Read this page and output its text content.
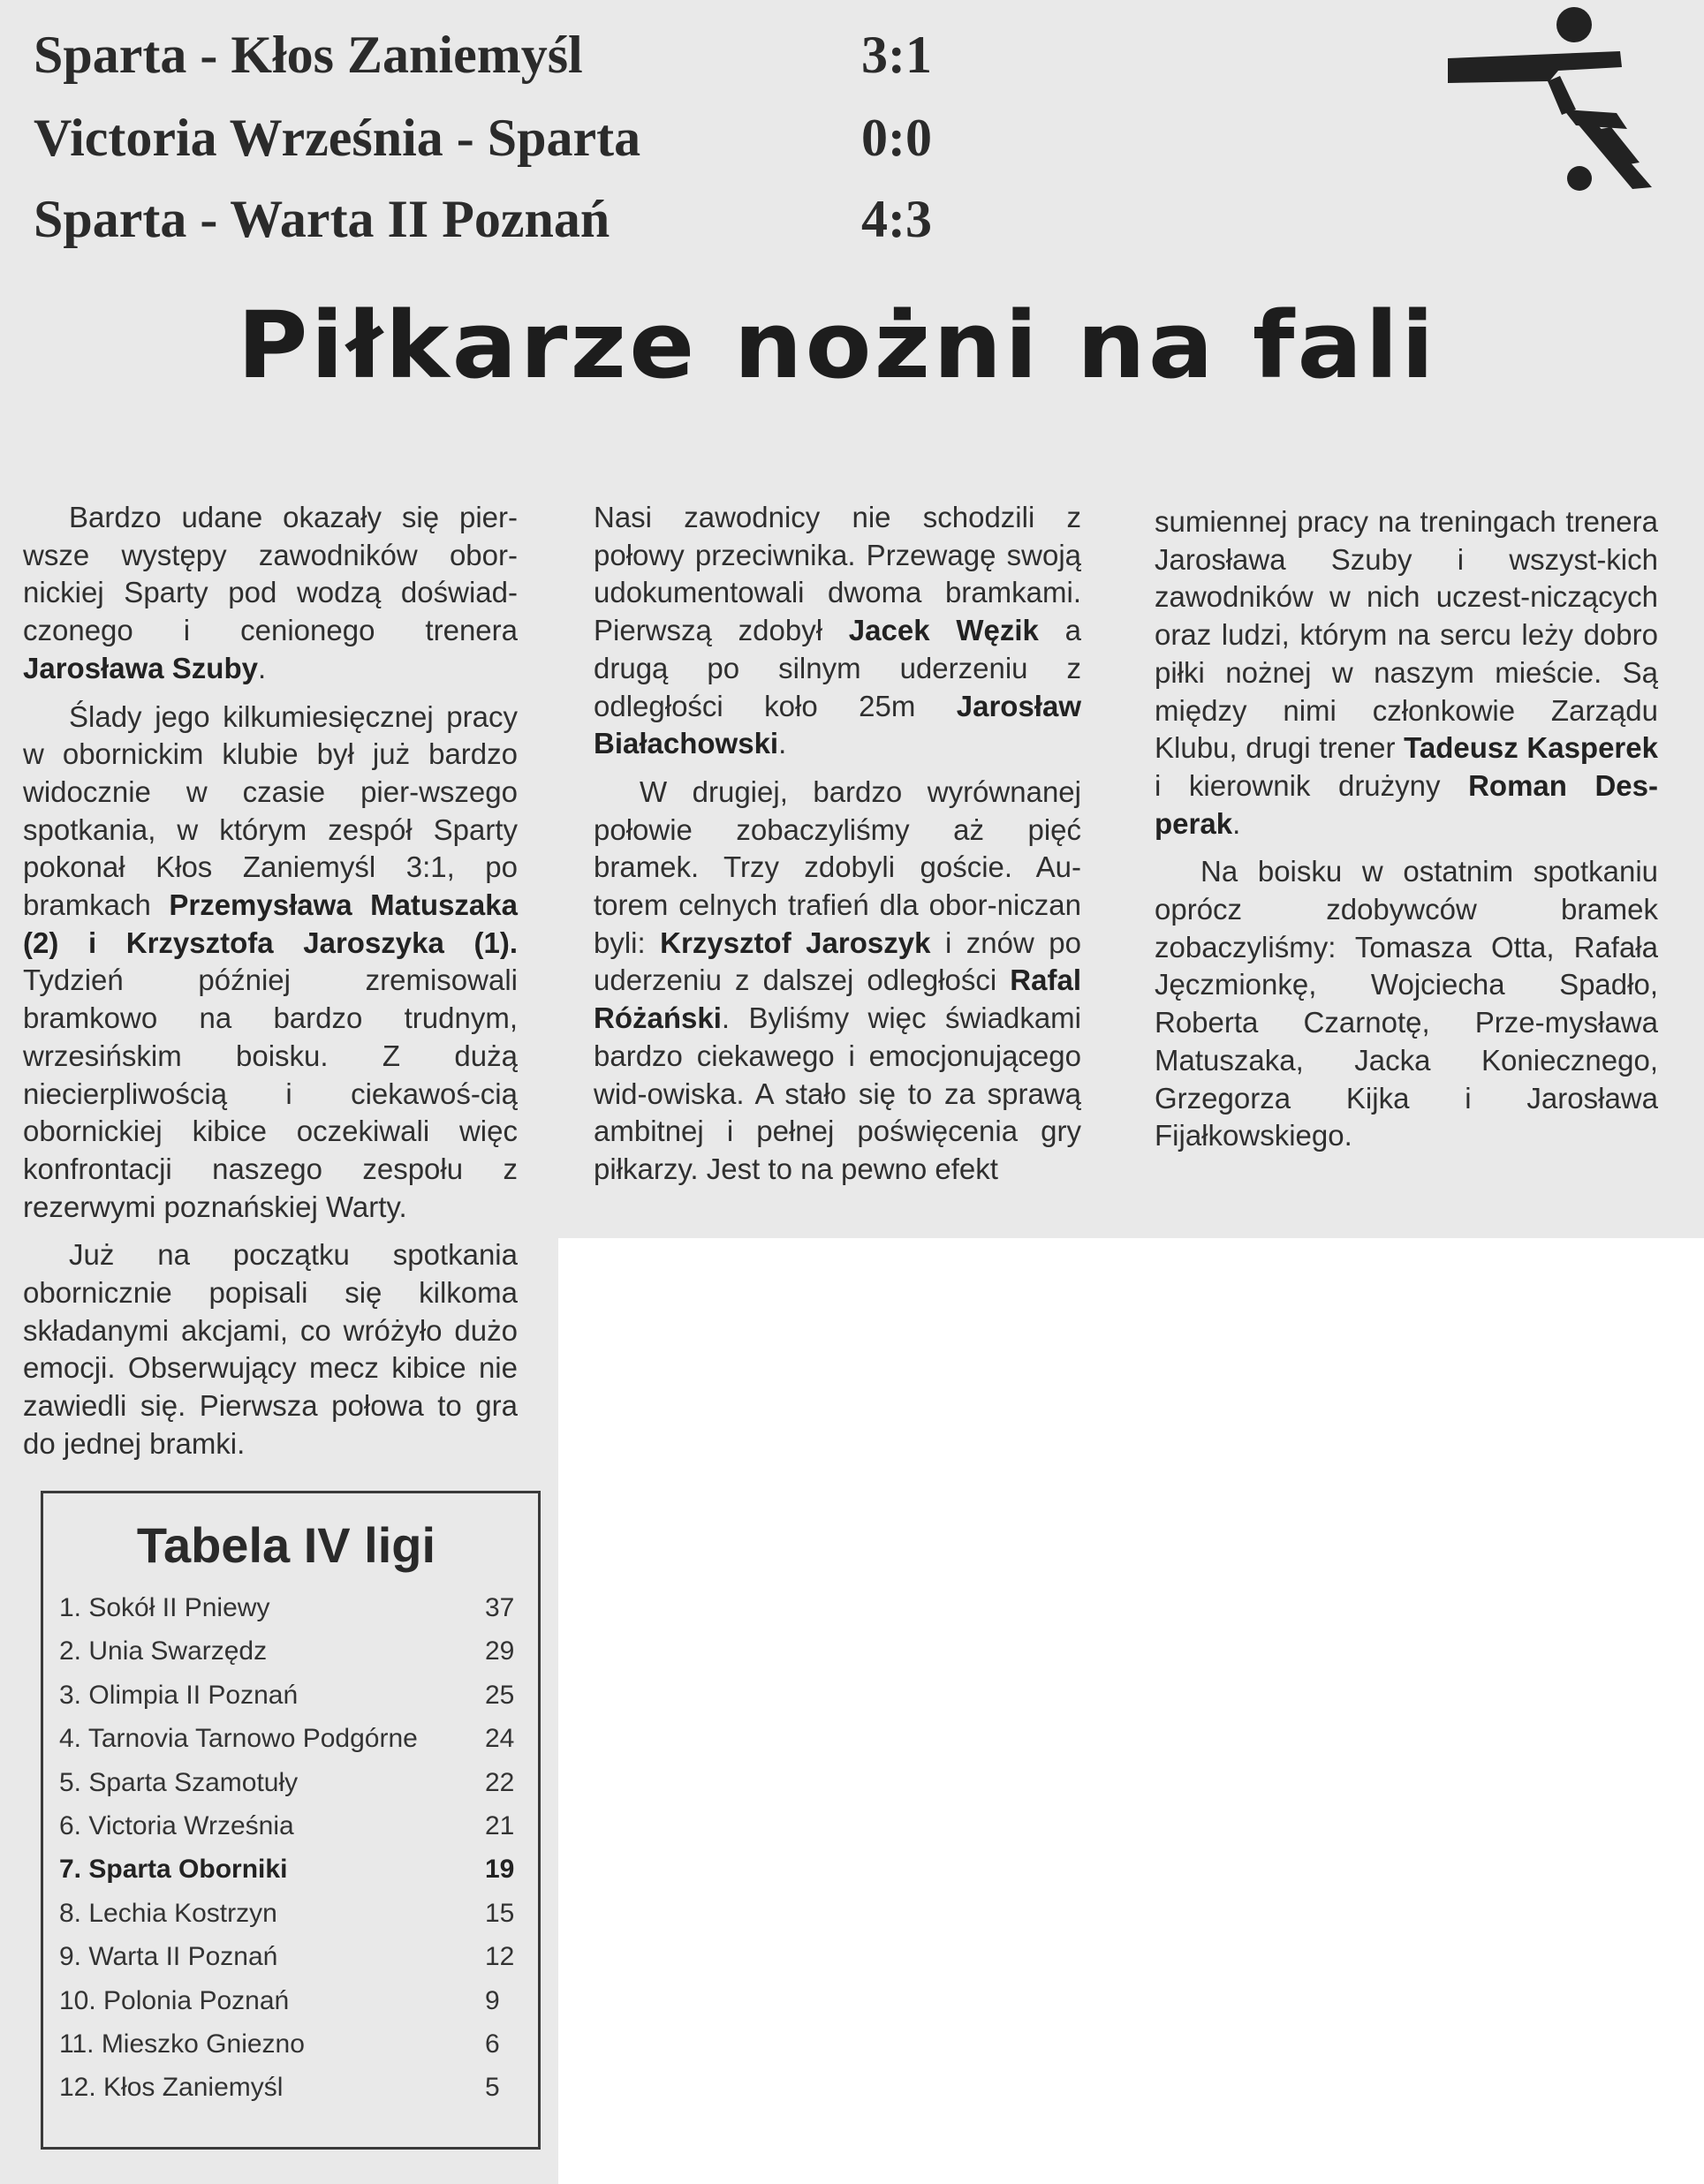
Sparta - Kłos Zaniemyśl	3:1
Victoria Września - Sparta	0:0
Sparta - Warta II Poznań	4:3
Piłkarze nożni na fali

Bardzo udane okazały się pier-wsze występy zawodników obor-nickiej Sparty pod wodzą doświad-czonego i cenionego trenera Jarosława Szuby.

Ślady jego kilkumiesięcznej pracy w obornickim klubie był już bardzo widocznie w czasie pier-wszego spotkania, w którym zespół Sparty pokonał Kłos Zaniemyśl 3:1, po bramkach Przemysława Matuszaka (2) i Krzysztofa Jaroszyka (1). Tydzień później zremisowali bramkowo na bardzo trudnym, wrzesińskim boisku. Z dużą niecierpliwością i ciekawoś-cią obornickiej kibice oczekiwali więc konfrontacji naszego zespołu z rezerwymi poznańskiej Warty.

Już na początku spotkania obornicznie popisali się kilkoma składanymi akcjami, co wróżyło dużo emocji. Obserwujący mecz kibice nie zawiedli się. Pierwsza połowa to gra do jednej bramki.

Nasi zawodnicy nie schodzili z połowy przeciwnika. Przewagę swoją udokumentowali dwoma bramkami. Pierwszą zdobył Jacek Węzik a drugą po silnym uderzeniu z odległości koło 25m Jarosław Białachowski.

W drugiej, bardzo wyrównanej połowie zobaczyliśmy aż pięć bramek. Trzy zdobyli goście. Au-torem celnych trafień dla obor-niczan byli: Krzysztof Jaroszyk i znów po uderzeniu z dalszej odległości Rafal Różański. Byliśmy więc świadkami bardzo ciekawego i emocjonującego wid-owiska. A stało się to za sprawą ambitnej i pełnej poświęcenia gry piłkarzy. Jest to na pewno efekt

sumiennej pracy na treningach trenera Jarosława Szuby i wszyst-kich zawodników w nich uczest-niczących oraz ludzi, którym na sercu leży dobro piłki nożnej w naszym mieście. Są między nimi członkowie Zarządu Klubu, drugi trener Tadeusz Kasperek i kierownik drużyny Roman Des-perak.

Na boisku w ostatnim spotkaniu oprócz zdobywców bramek zobaczyliśmy: Tomasza Otta, Rafała Jęczmionkę, Wojciecha Spadło, Roberta Czarnotę, Prze-mysława Matuszaka, Jacka Koniecznego, Grzegorza Kijka i Jarosława Fijałkowskiego.

Tabela IV ligi
1. Sokół II Pniewy	37
2. Unia Swarzędz	29
3. Olimpia II Poznań	25
4. Tarnovia Tarnowo Podgórne	24
5. Sparta Szamotuły	22
6. Victoria Września	21
7. Sparta Oborniki	19
8. Lechia Kostrzyn	15
9. Warta II Poznań	12
10. Polonia Poznań	9
11. Mieszko Gniezno	6
12. Kłos Zaniemyśl	5
